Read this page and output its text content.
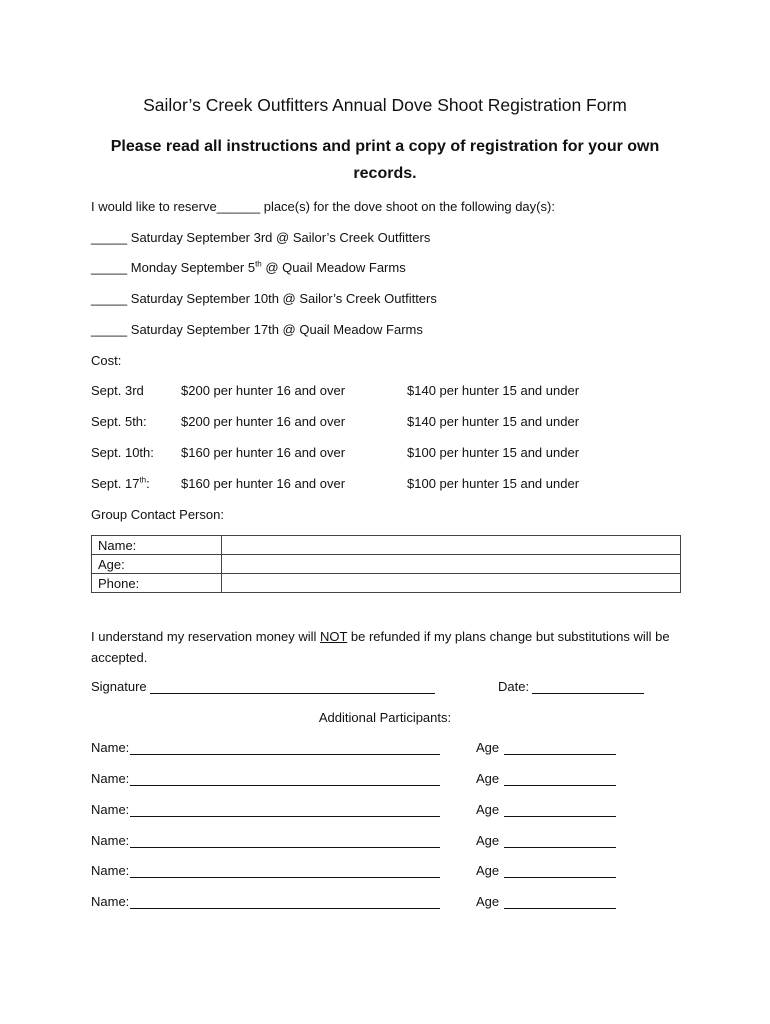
Sailor’s Creek Outfitters Annual Dove Shoot Registration Form
Please read all instructions and print a copy of registration for your own records.
I would like to reserve______ place(s) for the dove shoot on the following day(s):
_____ Saturday September 3rd @ Sailor’s Creek Outfitters
_____ Monday September 5th @ Quail Meadow Farms
_____ Saturday September 10th @ Sailor’s Creek Outfitters
_____ Saturday September 17th @ Quail Meadow Farms
Cost:
Sept. 3rd	$200 per hunter 16 and over	$140 per hunter 15 and under
Sept. 5th:	$200 per hunter 16 and over	$140 per hunter 15 and under
Sept. 10th: $160 per hunter 16 and over	$100 per hunter 15 and under
Sept. 17th: $160 per hunter 16 and over	$100 per hunter 15 and under
Group Contact Person:
Name:	
Age:	
Phone:	
I understand my reservation money will NOT be refunded if my plans change but substitutions will be accepted.
Signature	Date:
Additional Participants:
Name:	Age
Name:	Age
Name:	Age
Name:	Age
Name:	Age
Name:	Age
